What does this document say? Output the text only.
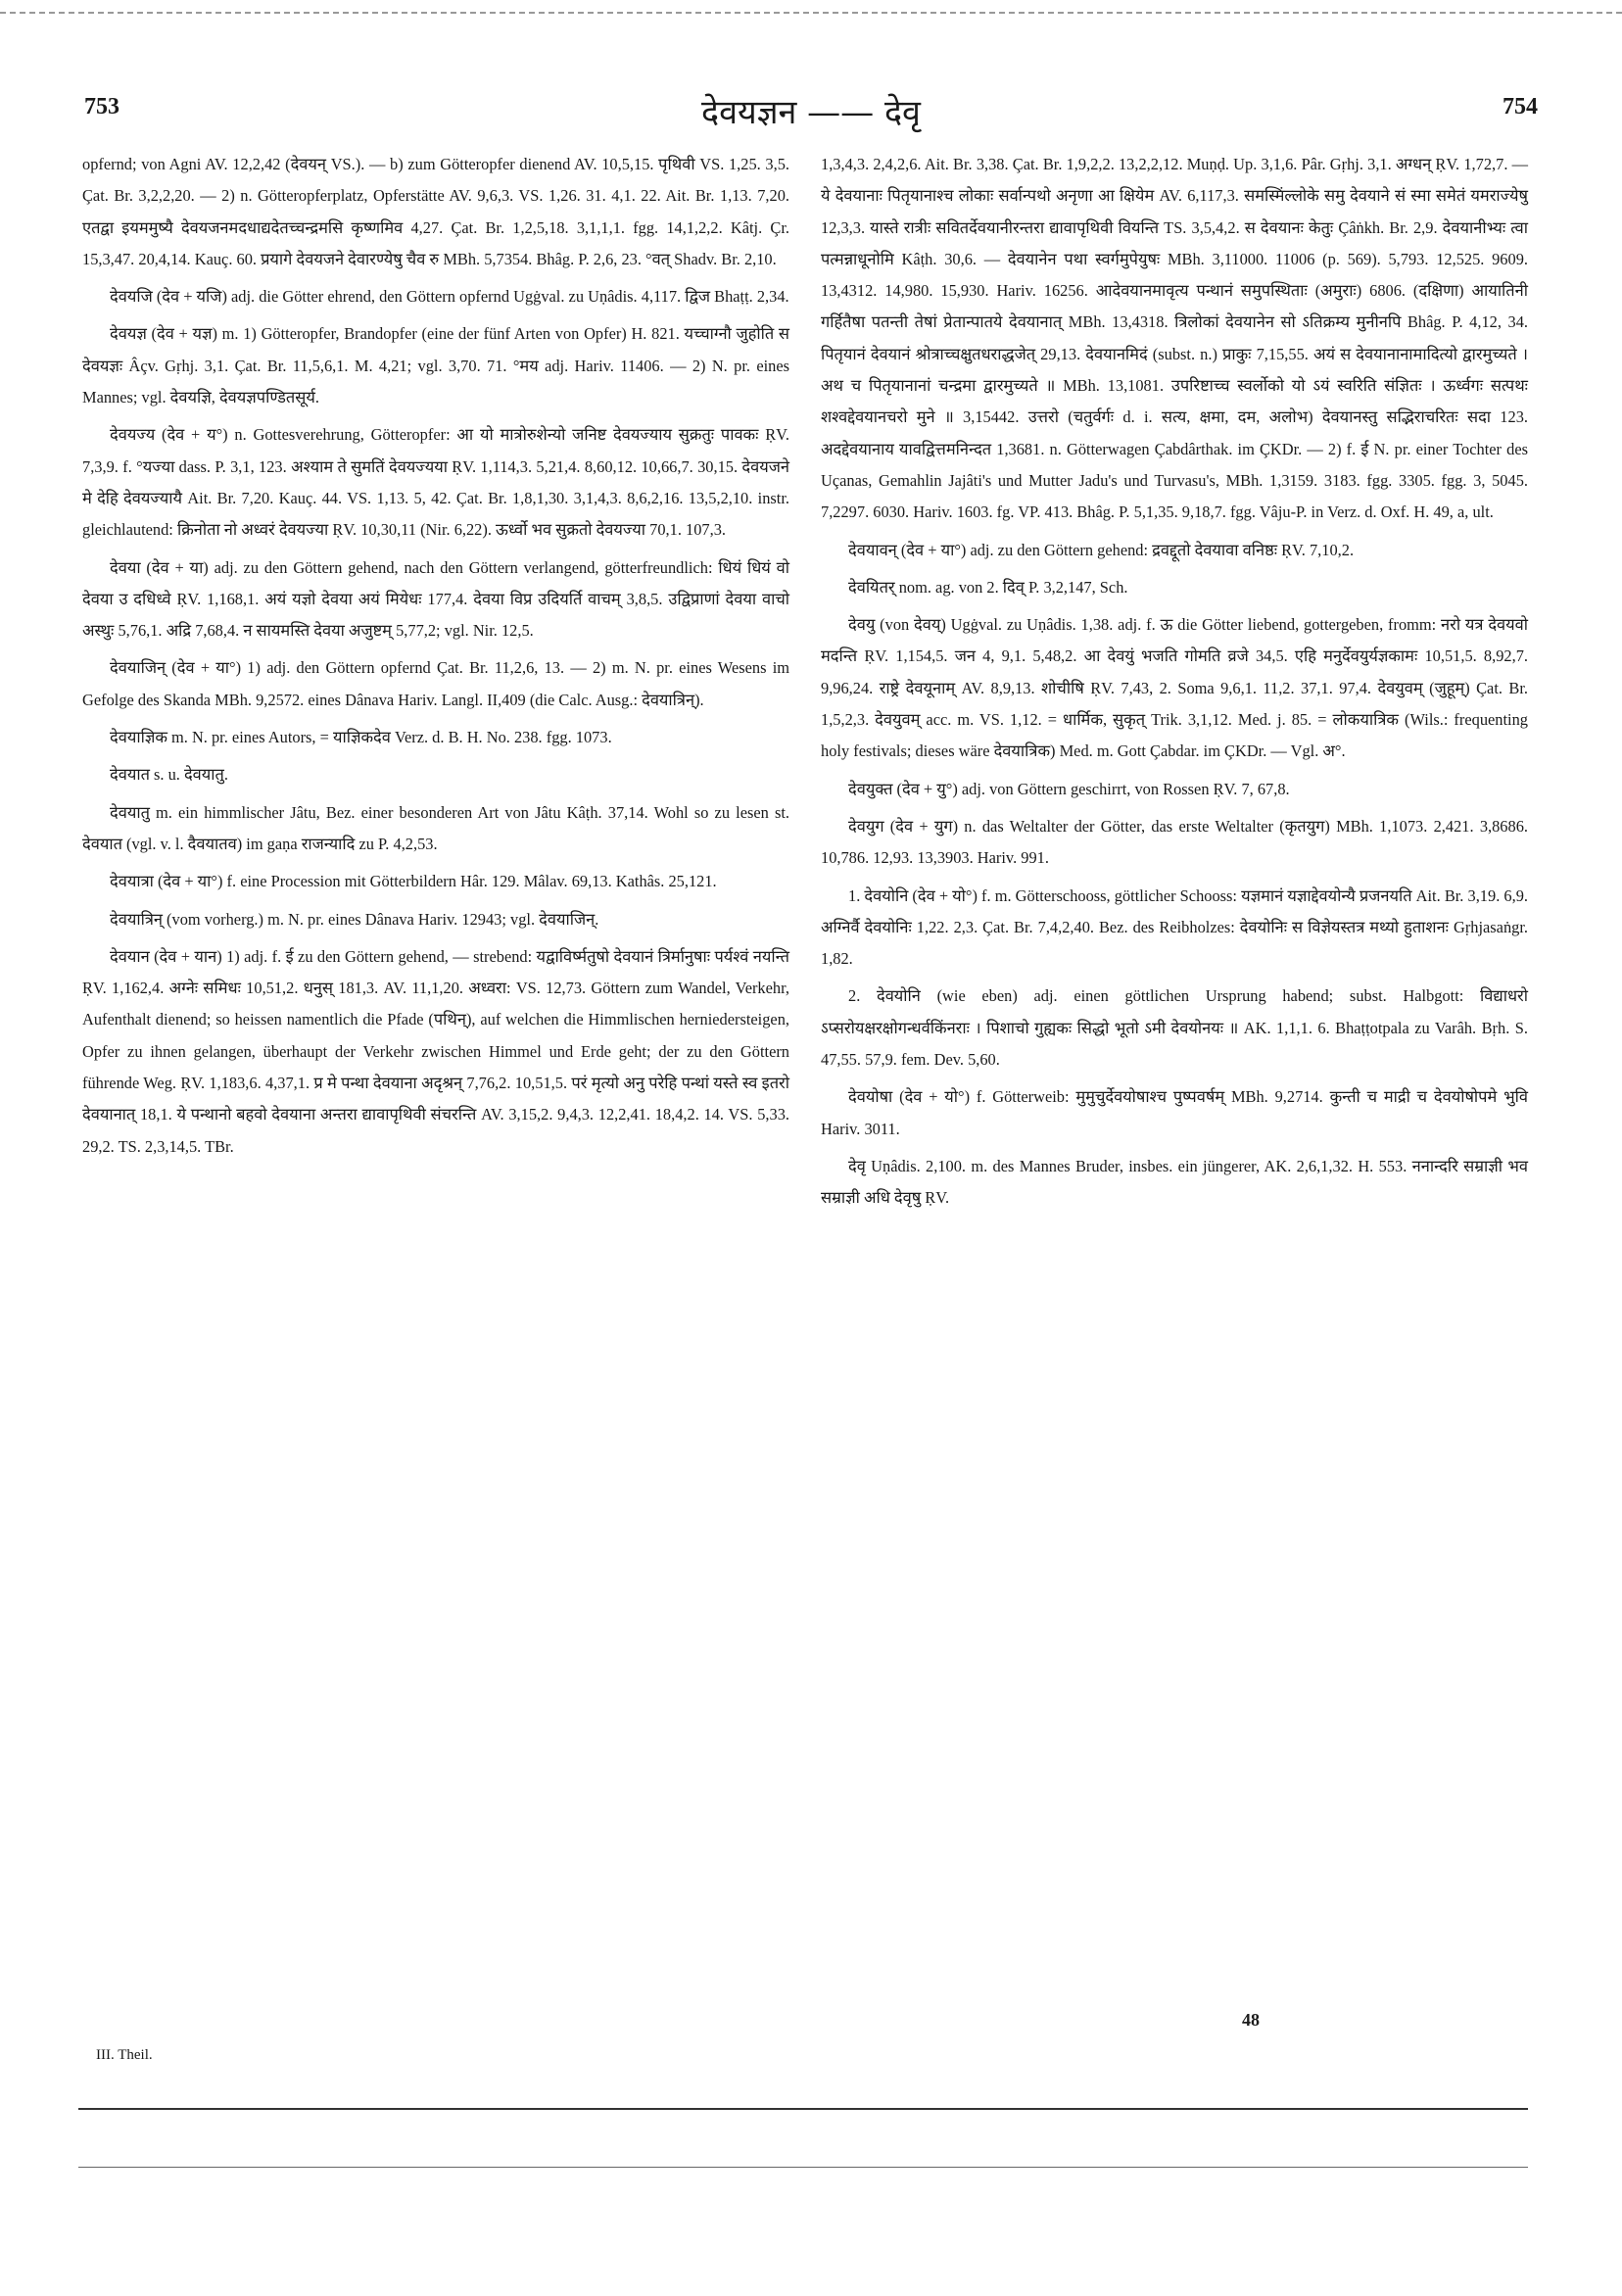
753	देवयज्ञन —— देवृ	754

opfernd; von Agni AV. 12,2,42 (देवयन् VS.). — b) zum Götteropfer dienend AV. 10,5,15. पृथिवी VS. 1,25. 3,5. Çat. Br. 3,2,2,20. — 2) n. Götteropferplatz, Opferstätte AV. 9,6,3. VS. 1,26. 31. 4,1. 22. Ait. Br. 1,13. 7,20. एतद्वा इयममुष्यै देवयजनमदधाद्यदेतच्चन्द्रमसि कृष्णमिव 4,27. Çat. Br. 1,2,5,18. 3,1,1,1. fgg. 14,1,2,2. Kâtj. Çr. 15,3,47. 20,4,14. Kauç. 60. प्रयागे देवयजने देवारण्येषु चैव रु MBh. 5,7354. Bhâg. P. 2,6, 23. °वत् Shadv. Br. 2,10.

देवयजि (देव + यजि) adj. die Götter ehrend, den Göttern opfernd Ugġval. zu Uṇâdis. 4,117. द्विज Bhaṭṭ. 2,34.

देवयज्ञ (देव + यज्ञ) m. 1) Götteropfer, Brandopfer (eine der fünf Arten von Opfer) H. 821. यच्चाग्नौ जुहोति स देवयज्ञः Âçv. Gṛhj. 3,1. Çat. Br. 11,5,6,1. M. 4,21; vgl. 3,70. 71. °मय adj. Hariv. 11406. — 2) N. pr. eines Mannes; vgl. देवयज्ञि, देवयज्ञपण्डितसूर्य.

देवयज्य (देव + य°) n. Gottesverehrung, Götteropfer: आ यो मात्रोरुशेन्यो जनिष्ट देवयज्याय सुक्रतुः पावकः ṚV. 7,3,9. f. °यज्या dass. P. 3,1, 123. अश्याम ते सुमतिं देवयज्यया ṚV. 1,114,3. 5,21,4. 8,60,12. 10,66,7. 30,15. देवयजने मे देहि देवयज्यायै Ait. Br. 7,20. Kauç. 44. VS. 1,13. 5, 42. Çat. Br. 1,8,1,30. 3,1,4,3. 8,6,2,16. 13,5,2,10. instr. gleichlautend: क्रिनोता नो अध्वरं देवयज्या ṚV. 10,30,11 (Nir. 6,22). ऊर्ध्वो भव सुक्रतो देवयज्या 70,1. 107,3.

देवया (देव + या) adj. zu den Göttern gehend, nach den Göttern verlangend, götterfreundlich: धियं धियं वो देवया उ दधिध्वे ṚV. 1,168,1. अयं यज्ञो देवया अयं मियेधः 177,4. देवया विप्र उदियर्ति वाचम् 3,8,5. उद्विप्राणां देवया वाचो अस्थुः 5,76,1. अद्रि 7,68,4. न सायमस्ति देवया अजुष्टम् 5,77,2; vgl. Nir. 12,5.

देवयाजिन् (देव + या°) 1) adj. den Göttern opfernd Çat. Br. 11,2,6, 13. — 2) m. N. pr. eines Wesens im Gefolge des Skanda MBh. 9,2572. eines Dânava Hariv. Langl. II,409 (die Calc. Ausg.: देवयात्रिन्).

देवयाज्ञिक m. N. pr. eines Autors, = याज्ञिकदेव Verz. d. B. H. No. 238. fgg. 1073.

देवयात s. u. देवयातु.

देवयातु m. ein himmlischer Jâtu, Bez. einer besonderen Art von Jâtu Kâṭh. 37,14. Wohl so zu lesen st. देवयात (vgl. v. l. दैवयातव) im gaṇa राजन्यादि zu P. 4,2,53.

देवयात्रा (देव + या°) f. eine Procession mit Götterbildern Hâr. 129. Mâlav. 69,13. Kathâs. 25,121.

देवयात्रिन् (vom vorherg.) m. N. pr. eines Dânava Hariv. 12943; vgl. देवयाजिन्.

देवयान (देव + यान) 1) adj. f. ई zu den Göttern gehend, — strebend: यद्वाविर्ष्मतुषो देवयानं त्रिर्मानुषाः पर्यश्वं नयन्ति ṚV. 1,162,4. अग्नेः समिधः 10,51,2. धनुस् 181,3. AV. 11,1,20. अध्वरा: VS. 12,73. Göttern zum Wandel, Verkehr, Aufenthalt dienend; so heissen namentlich die Pfade (पथिन्), auf welchen die Himmlischen herniedersteigen, Opfer zu ihnen gelangen, überhaupt der Verkehr zwischen Himmel und Erde geht; der zu den Göttern führende Weg. ṚV. 1,183,6. 4,37,1. प्र मे पन्था देवयाना अदृश्रन् 7,76,2. 10,51,5. परं मृत्यो अनु परेहि पन्थां यस्ते स्व इतरो देवयानात् 18,1. ये पन्थानो बहवो देवयाना अन्तरा द्यावापृथिवी संचरन्ति AV. 3,15,2. 9,4,3. 12,2,41. 18,4,2. 14. VS. 5,33. 29,2. TS. 2,3,14,5. TBr.

1,3,4,3. 2,4,2,6. Ait. Br. 3,38. Çat. Br. 1,9,2,2. 13,2,2,12. Muṇḍ. Up. 3,1,6. Pâr. Gṛhj. 3,1. अग्धन् ṚV. 1,72,7. — ये देवयानाः पितृयानाश्च लोकाः सर्वान्पथो अनृणा आ क्षियेम AV. 6,117,3. समस्मिंल्लोके समु देवयाने सं स्मा समेतं यमराज्येषु 12,3,3. यास्ते रात्रीः सवितर्देवयानीरन्तरा द्यावापृथिवी वियन्ति TS. 3,5,4,2. स देवयानः केतुः Çâṅkh. Br. 2,9. देवयानीभ्यः त्वा पत्मन्नाधूनोमि Kâṭh. 30,6. — देवयानेन पथा स्वर्गमुपेयुषः MBh. 3,11000. 11006 (p. 569). 5,793. 12,525. 9609. 13,4312. 14,980. 15,930. Hariv. 16256. आदेवयानमावृत्य पन्थानं समुपस्थिताः (अमुराः) 6806. (दक्षिणा) आयातिनी गर्हितैषा पतन्ती तेषां प्रेतान्पातये देवयानात् MBh. 13,4318. त्रिलोकां देवयानेन सो ऽतिक्रम्य मुनीनपि Bhâg. P. 4,12, 34. पितृयानं देवयानं श्रोत्राच्चक्षुतधराद्धजेत् 29,13. देवयानमिदं (subst. n.) प्राकुः 7,15,55. अयं स देवयानानामादित्यो द्वारमुच्यते । अथ च पितृयानानां चन्द्रमा द्वारमुच्यते ॥ MBh. 13,1081. उपरिष्टाच्च स्वर्लोको यो ऽयं स्वरिति संज्ञितः । ऊर्ध्वगः सत्पथः शश्वद्देवयानचरो मुने ॥ 3,15442. उत्तरो (चतुर्वर्गः d. i. सत्य, क्षमा, दम, अलोभ) देवयानस्तु सद्भिराचरितः सदा 123. अदद्देवयानाय यावद्वित्तमनिन्दत 1,3681. n. Götterwagen Çabdârthak. im ÇKDr. — 2) f. ई N. pr. einer Tochter des Uçanas, Gemahlin Jajâti's und Mutter Jadu's und Turvasu's, MBh. 1,3159. 3183. fgg. 3305. fgg. 3, 5045. 7,2297. 6030. Hariv. 1603. fg. VP. 413. Bhâg. P. 5,1,35. 9,18,7. fgg. Vâju-P. in Verz. d. Oxf. H. 49, a, ult.

देवयावन् (देव + या°) adj. zu den Göttern gehend: द्रवद्दूतो देवयावा वनिष्ठः ṚV. 7,10,2.

देवयितर् nom. ag. von 2. दिव् P. 3,2,147, Sch.

देवयु (von देवय्) Ugġval. zu Uṇâdis. 1,38. adj. f. ऊ die Götter liebend, gottergeben, fromm: नरो यत्र देवयवो मदन्ति ṚV. 1,154,5. जन 4, 9,1. 5,48,2. आ देवयुं भजति गोमति व्रजे 34,5. एहि मनुर्देवयुर्यज्ञकामः 10,51,5. 8,92,7. 9,96,24. राष्ट्रे देवयूनाम् AV. 8,9,13. शोचीषि ṚV. 7,43, 2. Soma 9,6,1. 11,2. 37,1. 97,4. देवयुवम् (जुहूम्) Çat. Br. 1,5,2,3. देवयुवम् acc. m. VS. 1,12. = धार्मिक, सुकृत् Trik. 3,1,12. Med. j. 85. = लोकयात्रिक (Wils.: frequenting holy festivals; dieses wäre देवयात्रिक) Med. m. Gott Çabdar. im ÇKDr. — Vgl. अ°.

देवयुक्त (देव + यु°) adj. von Göttern geschirrt, von Rossen ṚV. 7, 67,8.

देवयुग (देव + युग) n. das Weltalter der Götter, das erste Weltalter (कृतयुग) MBh. 1,1073. 2,421. 3,8686. 10,786. 12,93. 13,3903. Hariv. 991.

1. देवयोनि (देव + यो°) f. m. Götterschooss, göttlicher Schooss: यज्ञमानं यज्ञाद्देवयोन्यै प्रजनयति Ait. Br. 3,19. 6,9. अग्निर्वै देवयोनिः 1,22. 2,3. Çat. Br. 7,4,2,40. Bez. des Reibholzes: देवयोनिः स विज्ञेयस्तत्र मथ्यो हुताशनः Gṛhjasaṅgr. 1,82.

2. देवयोनि (wie eben) adj. einen göttlichen Ursprung habend; subst. Halbgott: विद्याधरो ऽप्सरोयक्षरक्षोगन्धर्वकिंनराः । पिशाचो गुह्यकः सिद्धो भूतो ऽमी देवयोनयः ॥ AK. 1,1,1. 6. Bhaṭṭotpala zu Varâh. Bṛh. S. 47,55. 57,9. fem. Dev. 5,60.

देवयोषा (देव + यो°) f. Götterweib: मुमुचुर्देवयोषाश्च पुष्पवर्षम् MBh. 9,2714. कुन्ती च माद्री च देवयोषोपमे भुवि Hariv. 3011.

देवृ Uṇâdis. 2,100. m. des Mannes Bruder, insbes. ein jüngerer, AK. 2,6,1,32. H. 553. ननान्दरि सम्राज्ञी भव सम्राज्ञी अधि देवृषु ṚV.

III. Theil.
48
